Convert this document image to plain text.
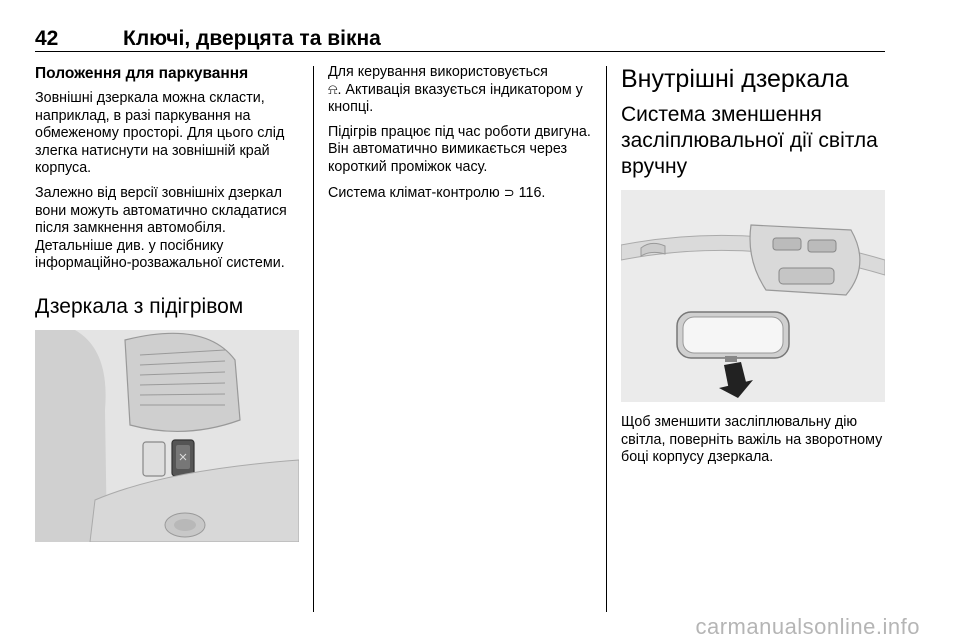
42	Ключі, дверцята та вікна
Положення для паркування

Зовнішні дзеркала можна скласти, наприклад, в разі паркування на обмеженому просторі. Для цього слід злегка натиснути на зовнішній край корпуса.

Залежно від версії зовнішніх дзеркал вони можуть автоматично складатися після замкнення автомобіля. Детальніше див. у посібнику інформаційно-розважальної системи.

Дзеркала з підігрівом

Для керування використовується
⍾. Активація вказується індикатором у кнопці.

Підігрів працює під час роботи двигуна. Він автоматично вимикається через короткий проміжок часу.

Система клімат-контролю ⊃ 116.

Внутрішні дзеркала
Система зменшення засліплювальної дії світла вручну

Щоб зменшити засліплювальну дію світла, поверніть важіль на зворотному боці корпусу дзеркала.

carmanualsonline.info
